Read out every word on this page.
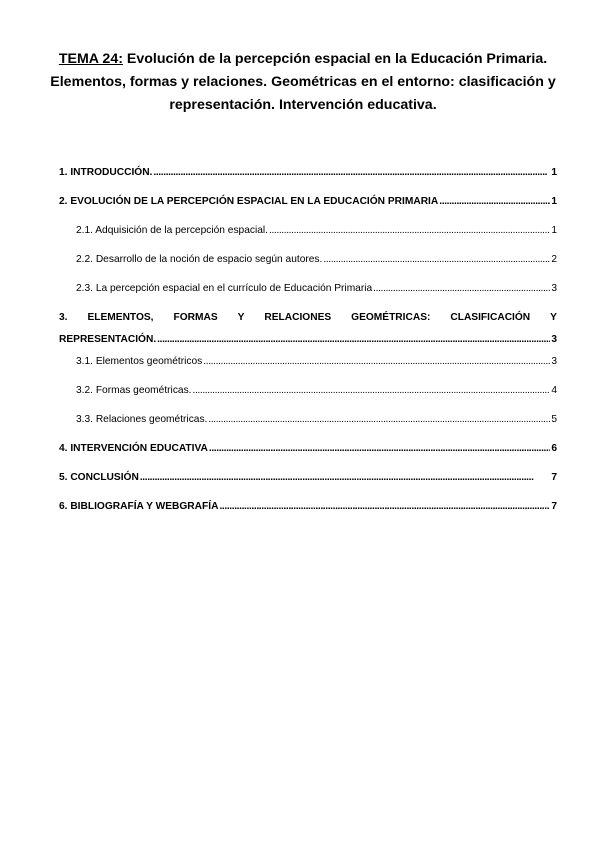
TEMA 24: Evolución de la percepción espacial en la Educación Primaria. Elementos, formas y relaciones. Geométricas en el entorno: clasificación y representación. Intervención educativa.
1. INTRODUCCIÓN. . . .	1
2. EVOLUCIÓN DE LA PERCEPCIÓN ESPACIAL EN LA EDUCACIÓN PRIMARIA . . .	1
2.1. Adquisición de la percepción espacial. . . .	1
2.2. Desarrollo de la noción de espacio según autores. . . .	2
2.3. La percepción espacial en el currículo de Educación Primaria . . .	3
3. ELEMENTOS, FORMAS Y RELACIONES GEOMÉTRICAS: CLASIFICACIÓN Y
REPRESENTACIÓN. . . .	3
3.1. Elementos geométricos . . .	3
3.2. Formas geométricas. . . .	4
3.3. Relaciones geométricas. . . .	5
4. INTERVENCIÓN EDUCATIVA . . .	6
5. CONCLUSIÓN . . .	7
6. BIBLIOGRAFÍA Y WEBGRAFÍA . . .	7
